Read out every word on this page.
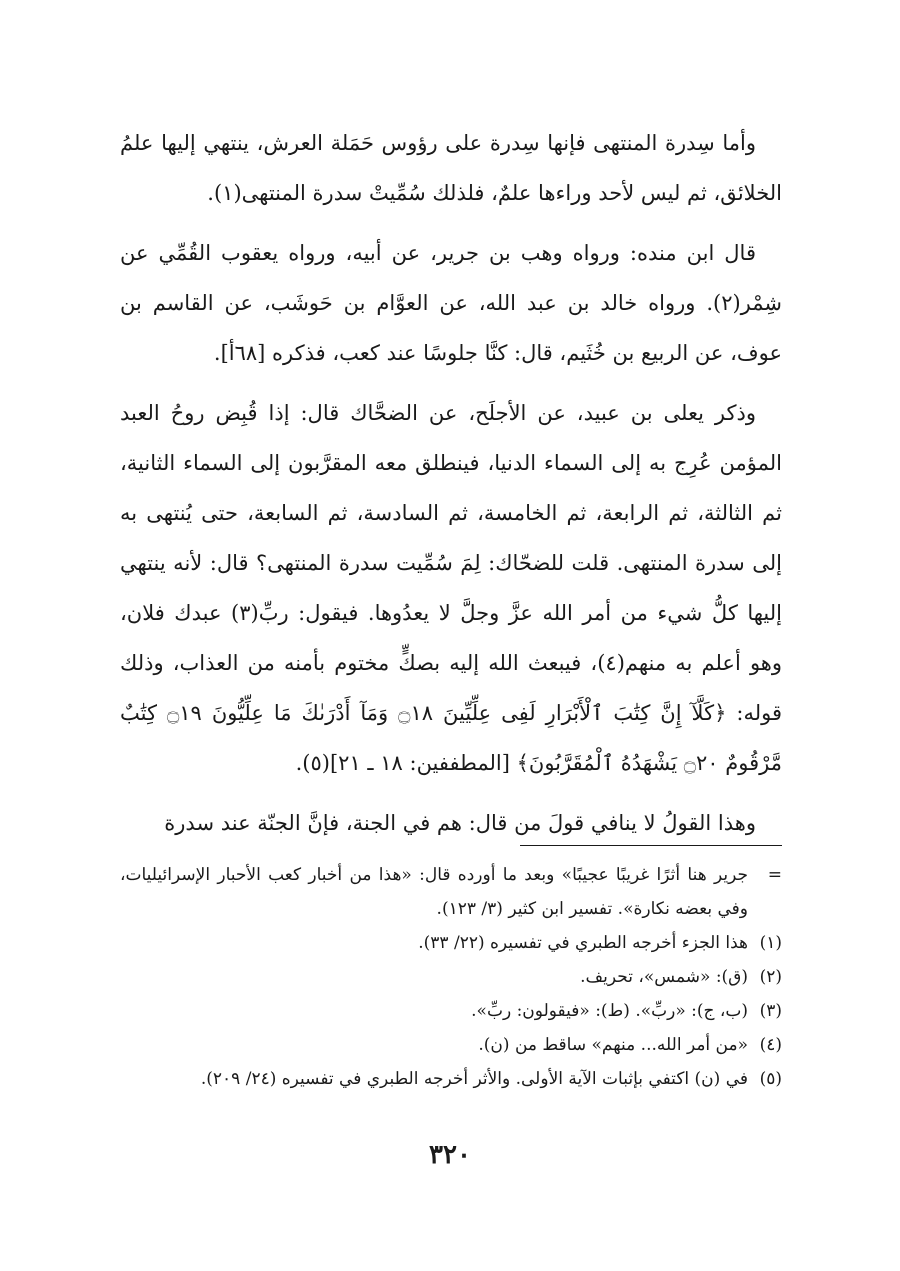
وأما سِدرة المنتهى فإنها سِدرة على رؤوس حَمَلة العرش، ينتهي إليها علمُ الخلائق، ثم ليس لأحد وراءها علمٌ، فلذلك سُمِّيتْ سدرة المنتهى(١).

قال ابن منده: ورواه وهب بن جرير، عن أبيه، ورواه يعقوب القُمِّي عن شِمْر(٢). ورواه خالد بن عبد الله، عن العوَّام بن حَوشَب، عن القاسم بن عوف، عن الربيع بن خُثَيم، قال: كنَّا جلوسًا عند كعب، فذكره [٦٨أ].

وذكر يعلى بن عبيد، عن الأجلَح، عن الضحَّاك قال: إذا قُبِض روحُ العبد المؤمن عُرِج به إلى السماء الدنيا، فينطلق معه المقرَّبون إلى السماء الثانية، ثم الثالثة، ثم الرابعة، ثم الخامسة، ثم السادسة، ثم السابعة، حتى يُنتهى به إلى سدرة المنتهى. قلت للضحّاك: لِمَ سُمِّيت سدرة المنتهى؟ قال: لأنه ينتهي إليها كلُّ شيء من أمر الله عزَّ وجلَّ لا يعدُوها. فيقول: ربِّ(٣) عبدك فلان، وهو أعلم به منهم(٤)، فيبعث الله إليه بصكٍّ مختوم بأمنه من العذاب، وذلك قوله: ﴿كَلَّآ إِنَّ كِتَٰبَ ٱلْأَبْرَارِ لَفِى عِلِّيِّينَ ۝١٨ وَمَآ أَدْرَىٰكَ مَا عِلِّيُّونَ ۝١٩ كِتَٰبٌ مَّرْقُومٌ ۝٢٠ يَشْهَدُهُ ٱلْمُقَرَّبُونَ﴾ [المطففين: ١٨ ـ ٢١](٥).

وهذا القولُ لا ينافي قولَ من قال: هم في الجنة، فإنَّ الجنّة عند سدرة

=
جرير هنا أثرًا غريبًا عجيبًا» وبعد ما أورده قال: «هذا من أخبار كعب الأحبار الإسرائيليات، وفي بعضه نكارة». تفسير ابن كثير (٣/ ١٢٣).
(١)
هذا الجزء أخرجه الطبري في تفسيره (٢٢/ ٣٣).
(٢)
(ق): «شمس»، تحريف.
(٣)
(ب، ج): «ربِّ». (ط): «فيقولون: ربِّ».
(٤)
«من أمر الله... منهم» ساقط من (ن).
(٥)
في (ن) اكتفي بإثبات الآية الأولى. والأثر أخرجه الطبري في تفسيره (٢٤/ ٢٠٩).
٣٢٠
